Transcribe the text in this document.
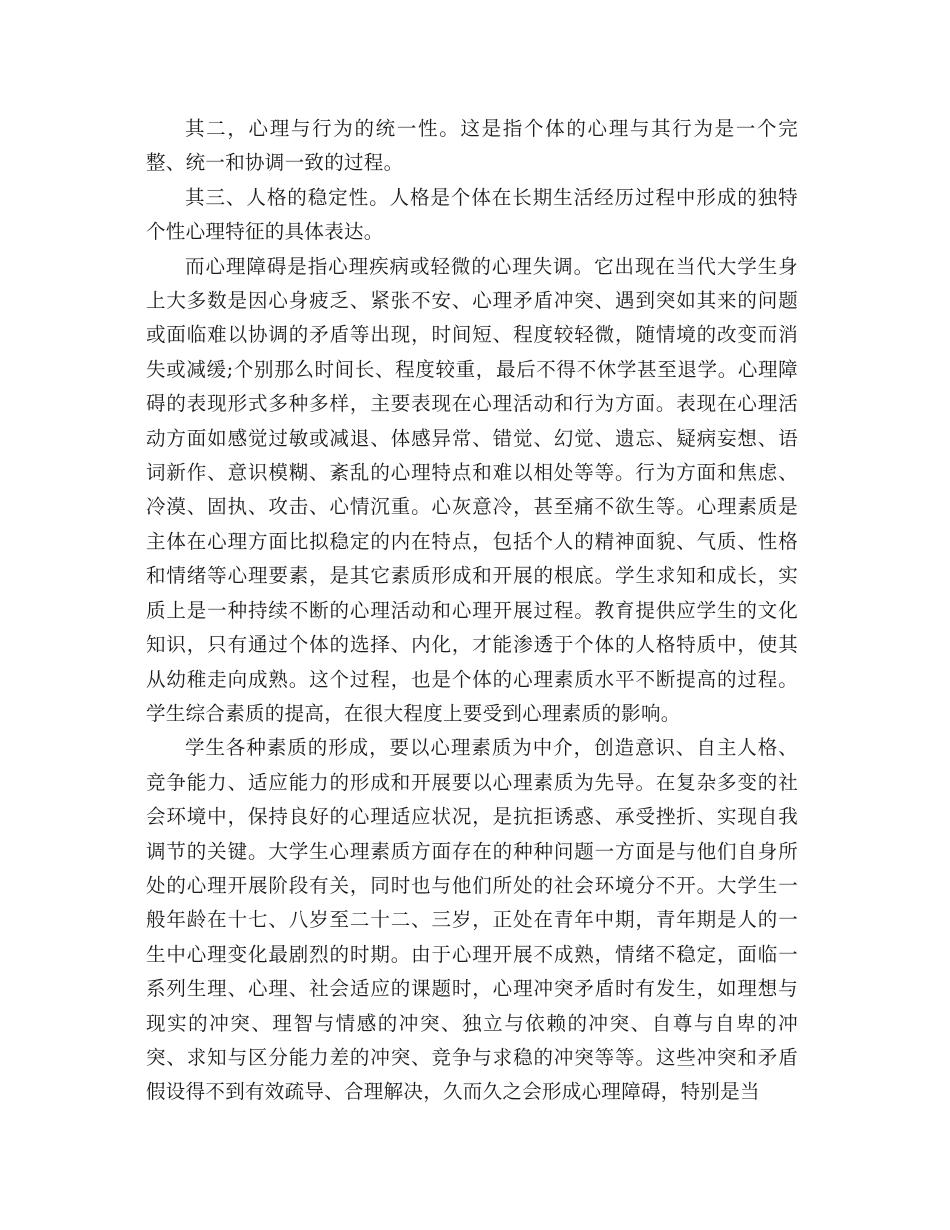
其二，心理与行为的统一性。这是指个体的心理与其行为是一个完整、统一和协调一致的过程。

其三、人格的稳定性。人格是个体在长期生活经历过程中形成的独特个性心理特征的具体表达。

而心理障碍是指心理疾病或轻微的心理失调。它出现在当代大学生身上大多数是因心身疲乏、紧张不安、心理矛盾冲突、遇到突如其来的问题或面临难以协调的矛盾等出现，时间短、程度较轻微，随情境的改变而消失或减缓;个别那么时间长、程度较重，最后不得不休学甚至退学。心理障碍的表现形式多种多样，主要表现在心理活动和行为方面。表现在心理活动方面如感觉过敏或减退、体感异常、错觉、幻觉、遗忘、疑病妄想、语词新作、意识模糊、紊乱的心理特点和难以相处等等。行为方面和焦虑、冷漠、固执、攻击、心情沉重。心灰意冷，甚至痛不欲生等。心理素质是主体在心理方面比拟稳定的内在特点，包括个人的精神面貌、气质、性格和情绪等心理要素，是其它素质形成和开展的根底。学生求知和成长，实质上是一种持续不断的心理活动和心理开展过程。教育提供应学生的文化知识，只有通过个体的选择、内化，才能渗透于个体的人格特质中，使其从幼稚走向成熟。这个过程，也是个体的心理素质水平不断提高的过程。学生综合素质的提高，在很大程度上要受到心理素质的影响。

学生各种素质的形成，要以心理素质为中介，创造意识、自主人格、竞争能力、适应能力的形成和开展要以心理素质为先导。在复杂多变的社会环境中，保持良好的心理适应状况，是抗拒诱惑、承受挫折、实现自我调节的关键。大学生心理素质方面存在的种种问题一方面是与他们自身所处的心理开展阶段有关，同时也与他们所处的社会环境分不开。大学生一般年龄在十七、八岁至二十二、三岁，正处在青年中期，青年期是人的一生中心理变化最剧烈的时期。由于心理开展不成熟，情绪不稳定，面临一系列生理、心理、社会适应的课题时，心理冲突矛盾时有发生，如理想与现实的冲突、理智与情感的冲突、独立与依赖的冲突、自尊与自卑的冲突、求知与区分能力差的冲突、竞争与求稳的冲突等等。这些冲突和矛盾假设得不到有效疏导、合理解决，久而久之会形成心理障碍，特别是当
